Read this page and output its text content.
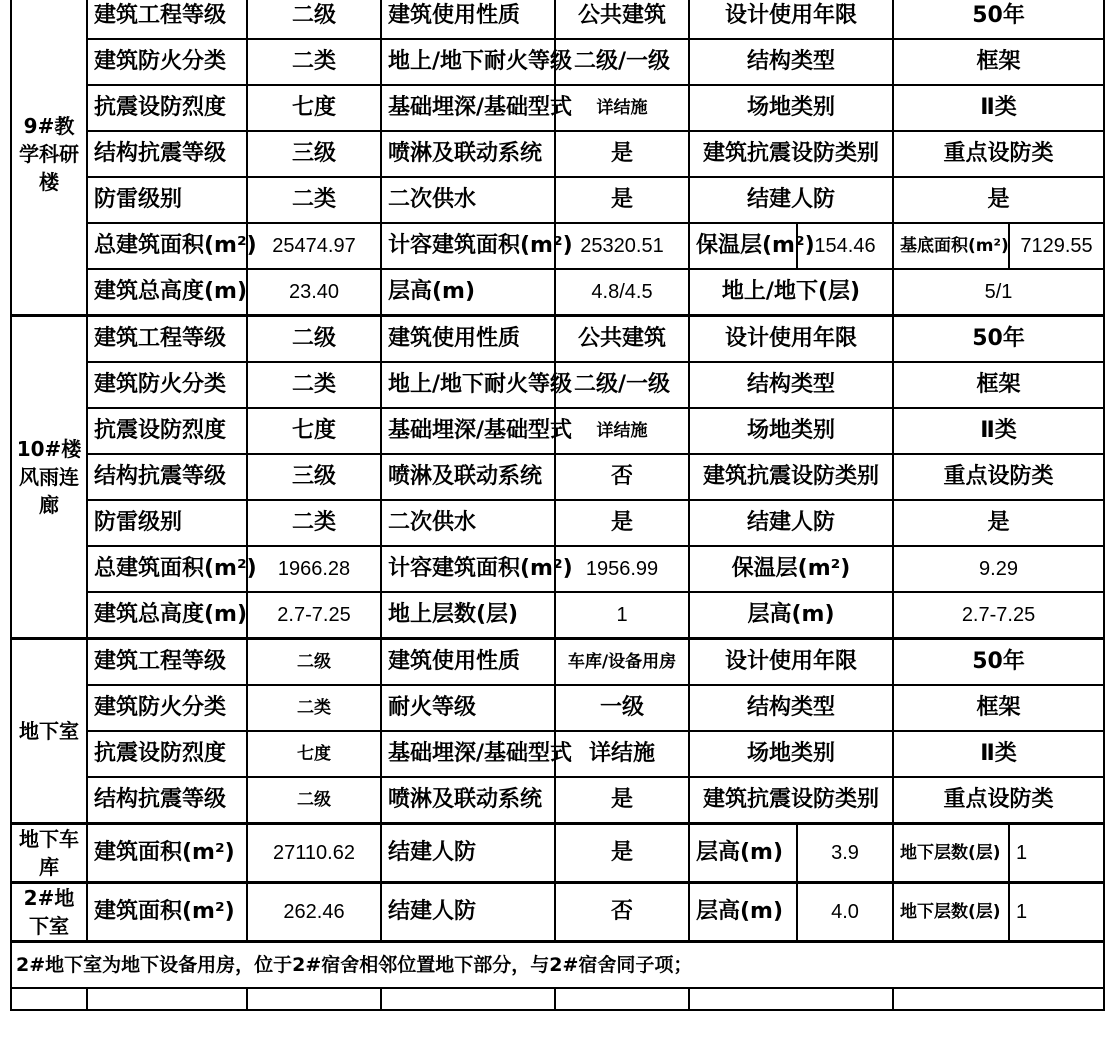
9#教学科研楼	建筑工程等级	二级	建筑使用性质	公共建筑	设计使用年限		50年	
	建筑防火分类	二类	地上/地下耐火等级	二级/一级	结构类型		框架	
	抗震设防烈度	七度	基础埋深/基础型式	详结施	场地类别		Ⅱ类	
	结构抗震等级	三级	喷淋及联动系统	是	建筑抗震设防类别		重点设防类	
	防雷级别	二类	二次供水	是	结建人防		是	
	总建筑面积(m²)	25474.97	计容建筑面积(m²)	25320.51	保温层(m²)	154.46	基底面积(m²)	7129.55
	建筑总高度(m)	23.40	层高(m)	4.8/4.5	地上/地下(层)		5/1	
10#楼风雨连廊	建筑工程等级	二级	建筑使用性质	公共建筑	设计使用年限		50年	
	建筑防火分类	二类	地上/地下耐火等级	二级/一级	结构类型		框架	
	抗震设防烈度	七度	基础埋深/基础型式	详结施	场地类别		Ⅱ类	
	结构抗震等级	三级	喷淋及联动系统	否	建筑抗震设防类别		重点设防类	
	防雷级别	二类	二次供水	是	结建人防		是	
	总建筑面积(m²)	1966.28	计容建筑面积(m²)	1956.99	保温层(m²)		9.29	
	建筑总高度(m)	2.7-7.25	地上层数(层)	1	层高(m)		2.7-7.25	
地下室	建筑工程等级	二级	建筑使用性质	车库/设备用房	设计使用年限		50年	
	建筑防火分类	二类	耐火等级	一级	结构类型		框架	
	抗震设防烈度	七度	基础埋深/基础型式	详结施	场地类别		Ⅱ类	
	结构抗震等级	二级	喷淋及联动系统	是	建筑抗震设防类别		重点设防类	
地下车库	建筑面积(m²)	27110.62	结建人防	是	层高(m)	3.9	地下层数(层)	1
2#地下室	建筑面积(m²)	262.46	结建人防	否	层高(m)	4.0	地下层数(层)	1
2#地下室为地下设备用房，位于2#宿舍相邻位置地下部分，与2#宿舍同子项；								
